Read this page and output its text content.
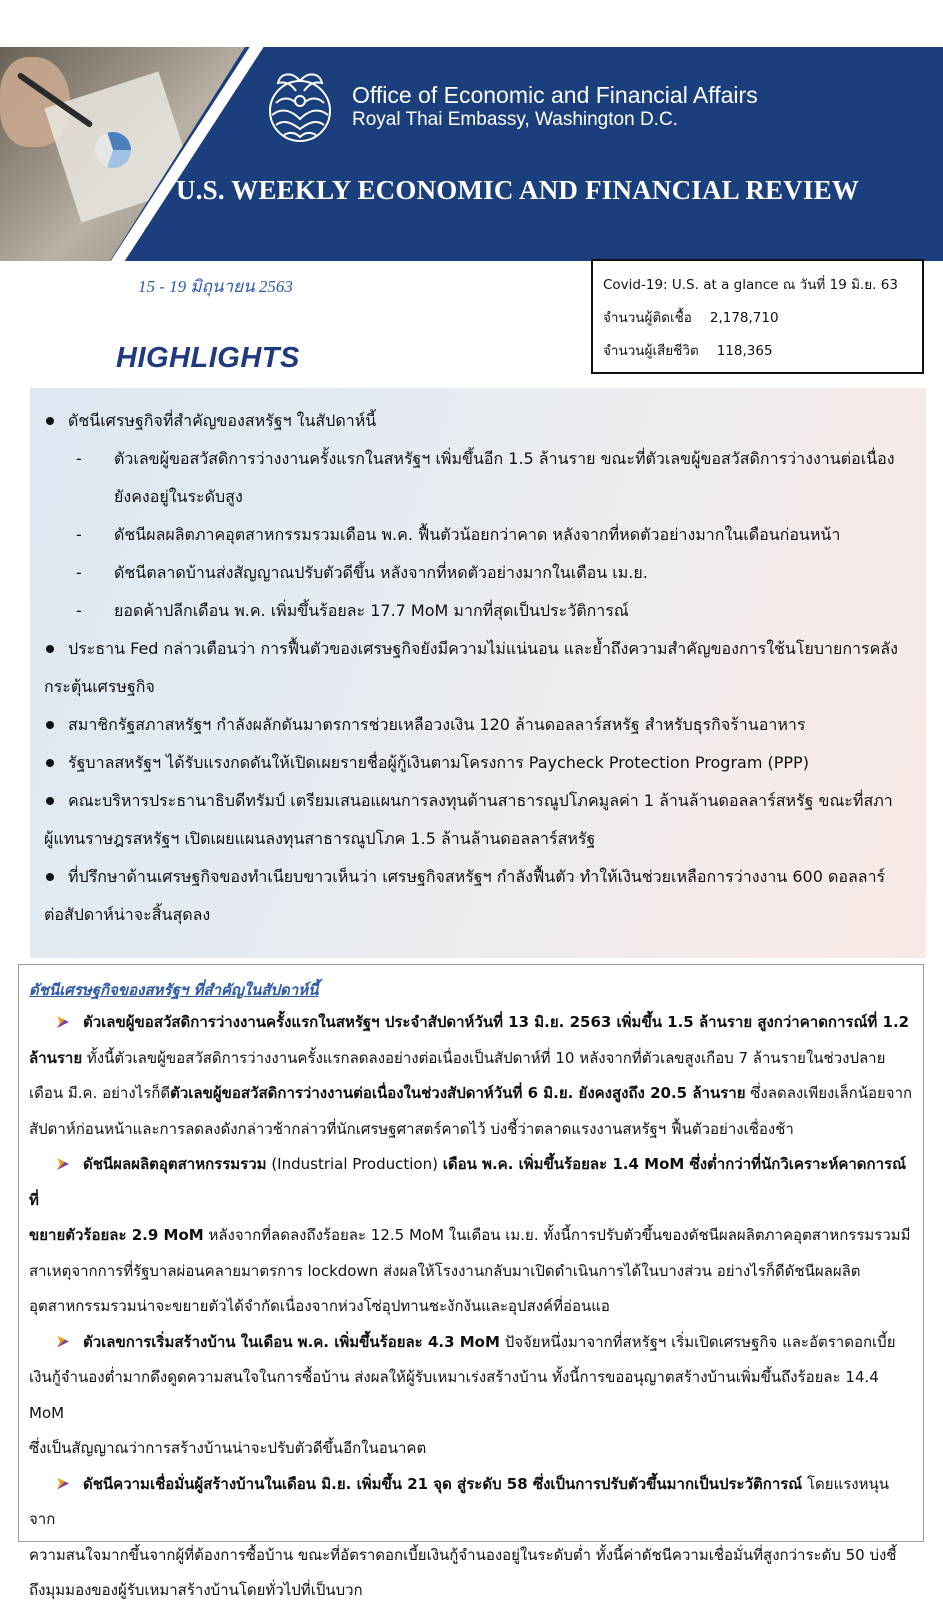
Office of Economic and Financial Affairs
Royal Thai Embassy, Washington D.C.
U.S. WEEKLY ECONOMIC AND FINANCIAL REVIEW
15 - 19 มิถุนายน 2563	Covid-19: U.S. at a glance ณ วันที่ 19 มิ.ย. 63
จำนวนผู้ติดเชื้อ 2,178,710
จำนวนผู้เสียชีวิต 118,365
HIGHLIGHTS
ดัชนีเศรษฐกิจที่สำคัญของสหรัฐฯ ในสัปดาห์นี้
- ตัวเลขผู้ขอสวัสดิการว่างงานครั้งแรกในสหรัฐฯ เพิ่มขึ้นอีก 1.5 ล้านราย ขณะที่ตัวเลขผู้ขอสวัสดิการว่างงานต่อเนื่อง
ยังคงอยู่ในระดับสูง
- ดัชนีผลผลิตภาคอุตสาหกรรมรวมเดือน พ.ค. ฟื้นตัวน้อยกว่าคาด หลังจากที่หดตัวอย่างมากในเดือนก่อนหน้า
- ดัชนีตลาดบ้านส่งสัญญาณปรับตัวดีขึ้น หลังจากที่หดตัวอย่างมากในเดือน เม.ย.
- ยอดค้าปลีกเดือน พ.ค. เพิ่มขึ้นร้อยละ 17.7 MoM มากที่สุดเป็นประวัติการณ์
ประธาน Fed กล่าวเตือนว่า การฟื้นตัวของเศรษฐกิจยังมีความไม่แน่นอน และย้ำถึงความสำคัญของการใช้นโยบายการคลัง
กระตุ้นเศรษฐกิจ
สมาชิกรัฐสภาสหรัฐฯ กำลังผลักดันมาตรการช่วยเหลือวงเงิน 120 ล้านดอลลาร์สหรัฐ สำหรับธุรกิจร้านอาหาร
รัฐบาลสหรัฐฯ ได้รับแรงกดดันให้เปิดเผยรายชื่อผู้กู้เงินตามโครงการ Paycheck Protection Program (PPP)
คณะบริหารประธานาธิบดีทรัมป์ เตรียมเสนอแผนการลงทุนด้านสาธารณูปโภคมูลค่า 1 ล้านล้านดอลลาร์สหรัฐ ขณะที่สภา
ผู้แทนราษฎรสหรัฐฯ เปิดเผยแผนลงทุนสาธารณูปโภค 1.5 ล้านล้านดอลลาร์สหรัฐ
ที่ปรึกษาด้านเศรษฐกิจของทำเนียบขาวเห็นว่า เศรษฐกิจสหรัฐฯ กำลังฟื้นตัว ทำให้เงินช่วยเหลือการว่างงาน 600 ดอลลาร์
ต่อสัปดาห์น่าจะสิ้นสุดลง
ดัชนีเศรษฐกิจของสหรัฐฯ ที่สำคัญในสัปดาห์นี้
ตัวเลขผู้ขอสวัสดิการว่างงานครั้งแรกในสหรัฐฯ ประจำสัปดาห์วันที่ 13 มิ.ย. 2563 เพิ่มขึ้น 1.5 ล้านราย สูงกว่าคาดการณ์ที่ 1.2
ล้านราย ทั้งนี้ตัวเลขผู้ขอสวัสดิการว่างงานครั้งแรกลดลงอย่างต่อเนื่องเป็นสัปดาห์ที่ 10 หลังจากที่ตัวเลขสูงเกือบ 7 ล้านรายในช่วงปลาย
เดือน มี.ค. อย่างไรก็ดีตัวเลขผู้ขอสวัสดิการว่างงานต่อเนื่องในช่วงสัปดาห์วันที่ 6 มิ.ย. ยังคงสูงถึง 20.5 ล้านราย ซึ่งลดลงเพียงเล็กน้อยจาก
สัปดาห์ก่อนหน้าและการลดลงดังกล่าวช้ากล่าวที่นักเศรษฐศาสตร์คาดไว้ บ่งชี้ว่าตลาดแรงงานสหรัฐฯ ฟื้นตัวอย่างเชื่องช้า
ดัชนีผลผลิตอุตสาหกรรมรวม (Industrial Production) เดือน พ.ค. เพิ่มขึ้นร้อยละ 1.4 MoM ซึ่งต่ำกว่าที่นักวิเคราะห์คาดการณ์ที่
ขยายตัวร้อยละ 2.9 MoM หลังจากที่ลดลงถึงร้อยละ 12.5 MoM ในเดือน เม.ย. ทั้งนี้การปรับตัวขึ้นของดัชนีผลผลิตภาคอุตสาหกรรมรวมมี
สาเหตุจากการที่รัฐบาลผ่อนคลายมาตรการ lockdown ส่งผลให้โรงงานกลับมาเปิดดำเนินการได้ในบางส่วน อย่างไรก็ดีดัชนีผลผลิต
อุตสาหกรรมรวมน่าจะขยายตัวได้จำกัดเนื่องจากห่วงโซ่อุปทานชะงักงันและอุปสงค์ที่อ่อนแอ
ตัวเลขการเริ่มสร้างบ้าน ในเดือน พ.ค. เพิ่มขึ้นร้อยละ 4.3 MoM ปัจจัยหนึ่งมาจากที่สหรัฐฯ เริ่มเปิดเศรษฐกิจ และอัตราดอกเบี้ย
เงินกู้จำนองต่ำมากดึงดูดความสนใจในการซื้อบ้าน ส่งผลให้ผู้รับเหมาเร่งสร้างบ้าน ทั้งนี้การขออนุญาตสร้างบ้านเพิ่มขึ้นถึงร้อยละ 14.4 MoM
ซึ่งเป็นสัญญาณว่าการสร้างบ้านน่าจะปรับตัวดีขึ้นอีกในอนาคต
ดัชนีความเชื่อมั่นผู้สร้างบ้านในเดือน มิ.ย. เพิ่มขึ้น 21 จุด สู่ระดับ 58 ซึ่งเป็นการปรับตัวขึ้นมากเป็นประวัติการณ์ โดยแรงหนุนจาก
ความสนใจมากขึ้นจากผู้ที่ต้องการซื้อบ้าน ขณะที่อัตราดอกเบี้ยเงินกู้จำนองอยู่ในระดับต่ำ ทั้งนี้ค่าดัชนีความเชื่อมั่นที่สูงกว่าระดับ 50 บ่งชี้
ถึงมุมมองของผู้รับเหมาสร้างบ้านโดยทั่วไปที่เป็นบวก
